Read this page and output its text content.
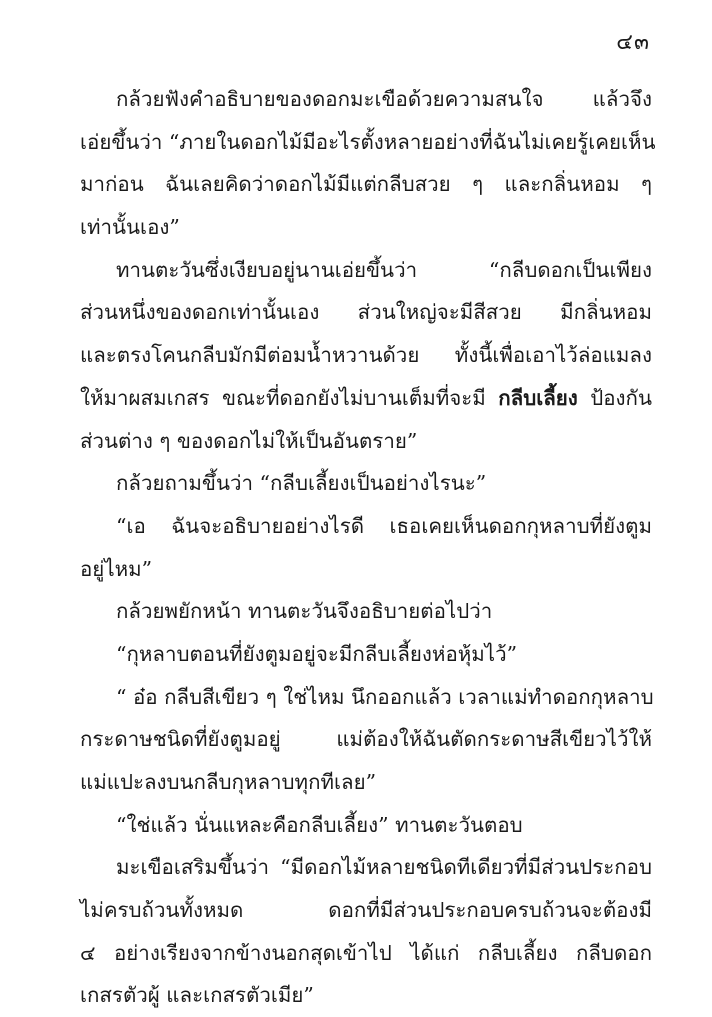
๔๓
กล้วยฟังคำอธิบายของดอกมะเขือด้วยความสนใจ แล้วจึง
เอ่ยขึ้นว่า “ภายในดอกไม้มีอะไรตั้งหลายอย่างที่ฉันไม่เคยรู้เคยเห็น
มาก่อน ฉันเลยคิดว่าดอกไม้มีแต่กลีบสวย ๆ และกลิ่นหอม ๆ
เท่านั้นเอง”
ทานตะวันซึ่งเงียบอยู่นานเอ่ยขึ้นว่า “กลีบดอกเป็นเพียง
ส่วนหนึ่งของดอกเท่านั้นเอง ส่วนใหญ่จะมีสีสวย มีกลิ่นหอม
และตรงโคนกลีบมักมีต่อมน้ำหวานด้วย ทั้งนี้เพื่อเอาไว้ล่อแมลง
ให้มาผสมเกสร ขณะที่ดอกยังไม่บานเต็มที่จะมี กลีบเลี้ยง ป้องกัน
ส่วนต่าง ๆ ของดอกไม่ให้เป็นอันตราย”
กล้วยถามขึ้นว่า “กลีบเลี้ยงเป็นอย่างไรนะ”
“เอ ฉันจะอธิบายอย่างไรดี เธอเคยเห็นดอกกุหลาบที่ยังตูม
อยู่ไหม”
กล้วยพยักหน้า ทานตะวันจึงอธิบายต่อไปว่า
“กุหลาบตอนที่ยังตูมอยู่จะมีกลีบเลี้ยงห่อหุ้มไว้”
“ อ๋อ กลีบสีเขียว ๆ ใช่ไหม นึกออกแล้ว เวลาแม่ทำดอกกุหลาบ
กระดาษชนิดที่ยังตูมอยู่ แม่ต้องให้ฉันตัดกระดาษสีเขียวไว้ให้
แม่แปะลงบนกลีบกุหลาบทุกทีเลย”
“ใช่แล้ว นั่นแหละคือกลีบเลี้ยง” ทานตะวันตอบ
มะเขือเสริมขึ้นว่า “มีดอกไม้หลายชนิดทีเดียวที่มีส่วนประกอบ
ไม่ครบถ้วนทั้งหมด ดอกที่มีส่วนประกอบครบถ้วนจะต้องมี
๔ อย่างเรียงจากข้างนอกสุดเข้าไป ได้แก่ กลีบเลี้ยง กลีบดอก
เกสรตัวผู้ และเกสรตัวเมีย”
